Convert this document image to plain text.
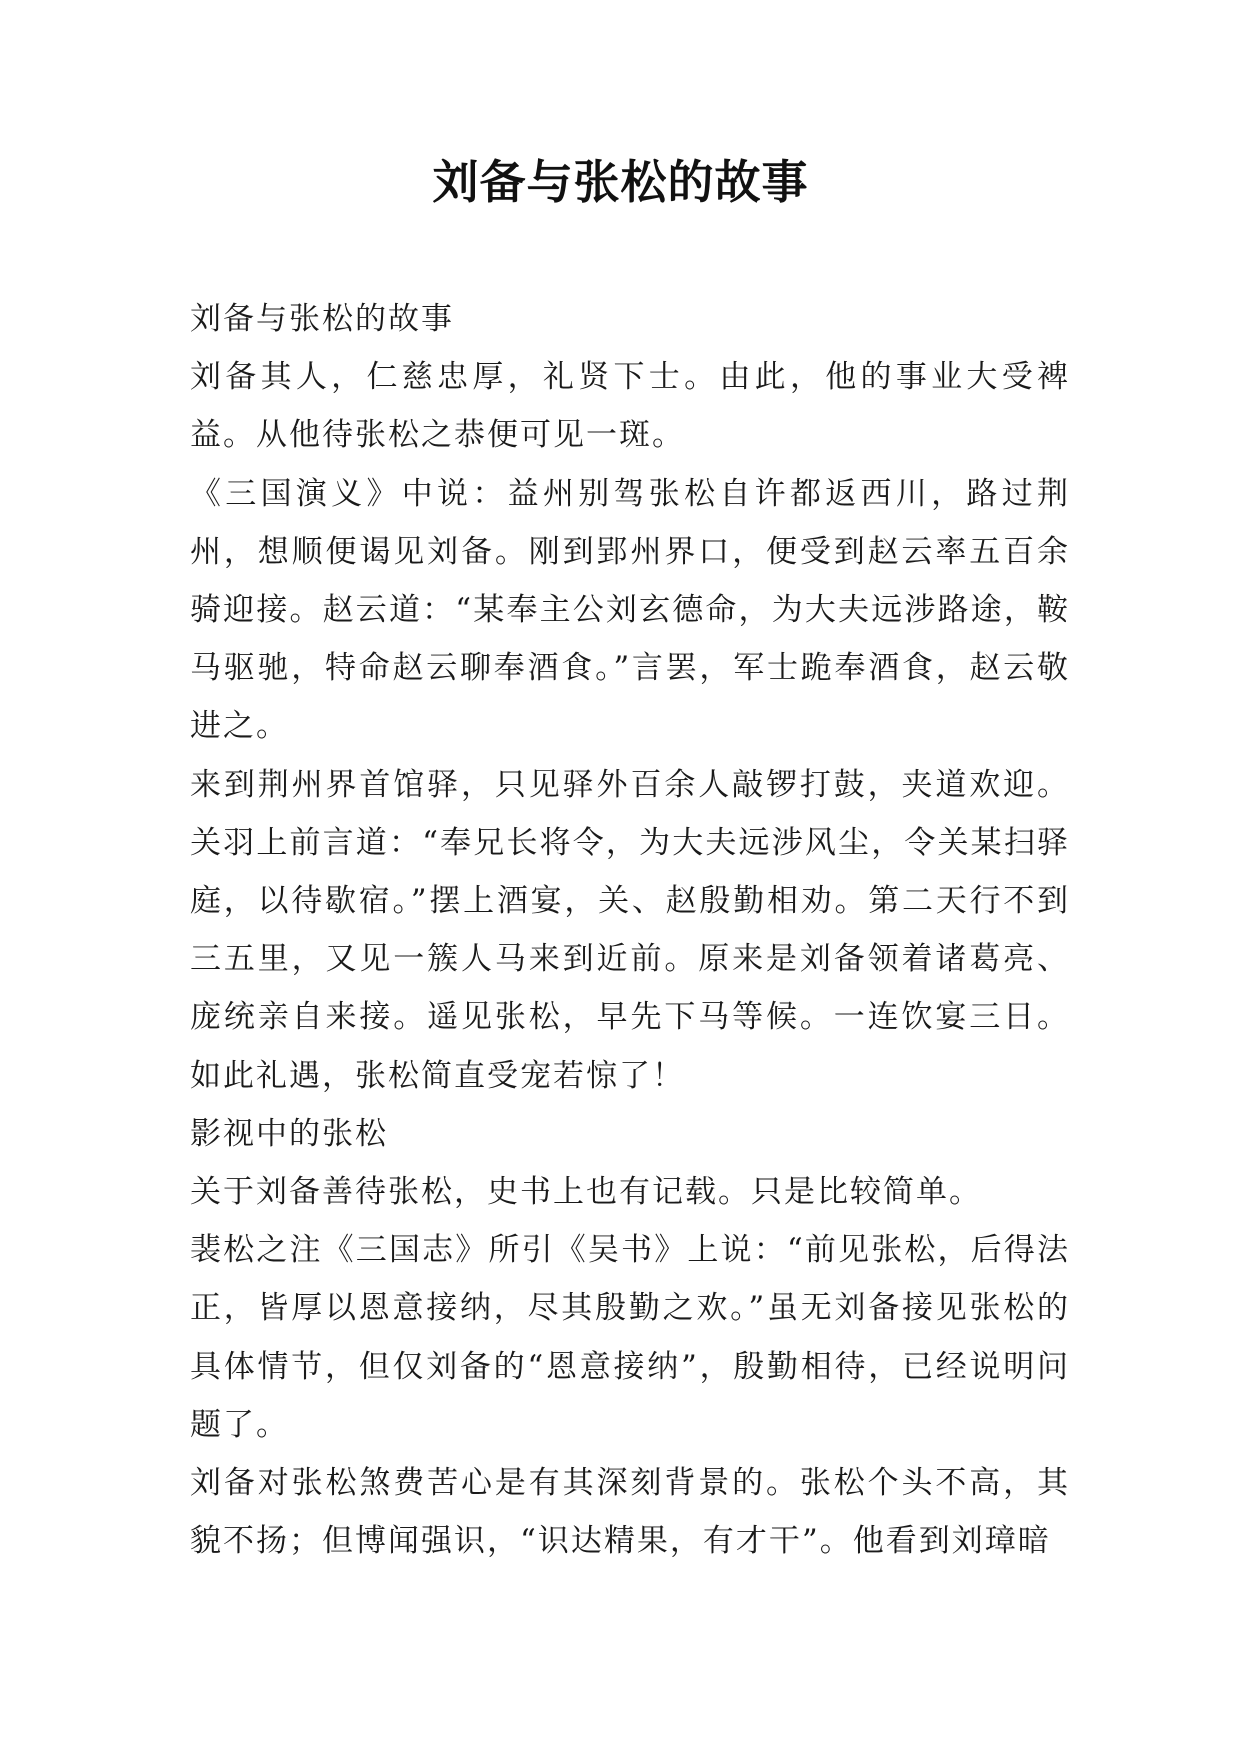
刘备与张松的故事

刘备与张松的故事

刘备其人，仁慈忠厚，礼贤下士。由此，他的事业大受裨益。从他待张松之恭便可见一斑。

《三国演义》中说：益州别驾张松自许都返西川，路过荆州，想顺便谒见刘备。刚到郢州界口，便受到赵云率五百余骑迎接。赵云道：“某奉主公刘玄德命，为大夫远涉路途，鞍马驱驰，特命赵云聊奉酒食。”言罢，军士跪奉酒食，赵云敬进之。

来到荆州界首馆驿，只见驿外百余人敲锣打鼓，夹道欢迎。关羽上前言道：“奉兄长将令，为大夫远涉风尘，令关某扫驿庭，以待歇宿。”摆上酒宴，关、赵殷勤相劝。第二天行不到三五里，又见一簇人马来到近前。原来是刘备领着诸葛亮、庞统亲自来接。遥见张松，早先下马等候。一连饮宴三日。如此礼遇，张松简直受宠若惊了！

影视中的张松

关于刘备善待张松，史书上也有记载。只是比较简单。

裴松之注《三国志》所引《吴书》上说：“前见张松，后得法正，皆厚以恩意接纳，尽其殷勤之欢。”虽无刘备接见张松的具体情节，但仅刘备的“恩意接纳”，殷勤相待，已经说明问题了。

刘备对张松煞费苦心是有其深刻背景的。张松个头不高，其貌不扬；但博闻强识，“识达精果，有才干”。他看到刘璋暗
